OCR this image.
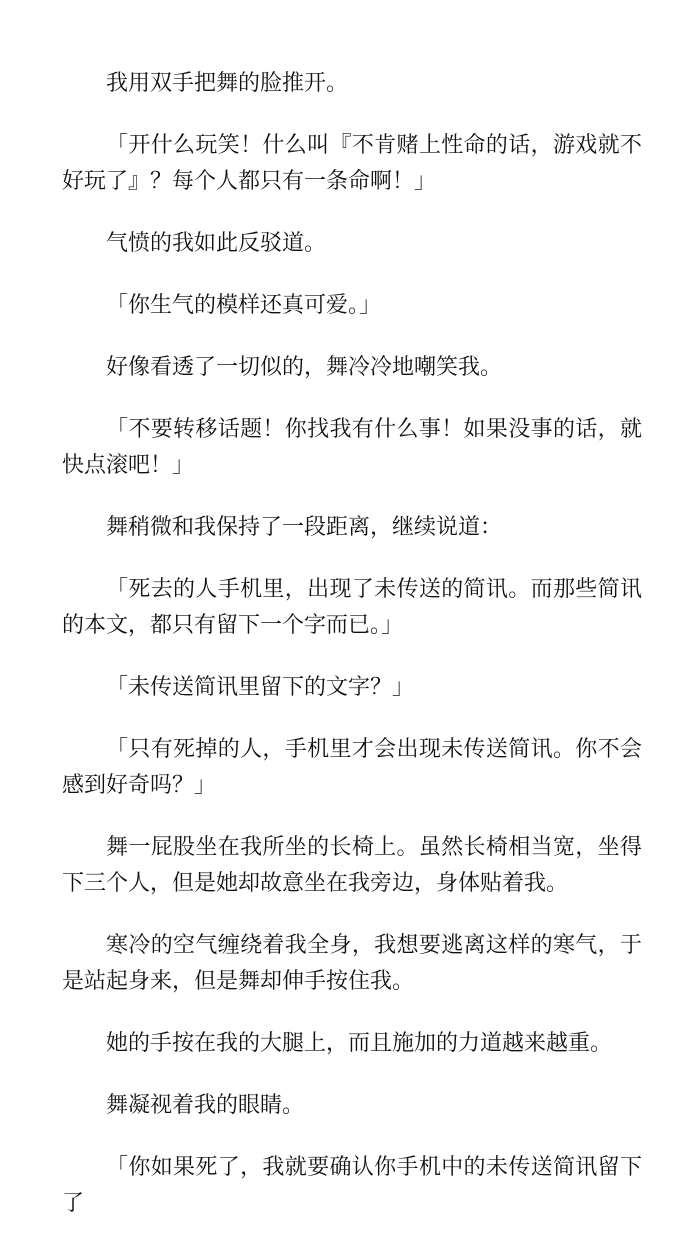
我用双手把舞的脸推开。

「开什么玩笑！什么叫『不肯赌上性命的话，游戏就不好玩了』？每个人都只有一条命啊！」

气愤的我如此反驳道。

「你生气的模样还真可爱。」

好像看透了一切似的，舞冷冷地嘲笑我。

「不要转移话题！你找我有什么事！如果没事的话，就快点滚吧！」

舞稍微和我保持了一段距离，继续说道：

「死去的人手机里，出现了未传送的简讯。而那些简讯的本文，都只有留下一个字而已。」

「未传送简讯里留下的文字？」

「只有死掉的人，手机里才会出现未传送简讯。你不会感到好奇吗？」

舞一屁股坐在我所坐的长椅上。虽然长椅相当宽，坐得下三个人，但是她却故意坐在我旁边，身体贴着我。

寒冷的空气缠绕着我全身，我想要逃离这样的寒气，于是站起身来，但是舞却伸手按住我。

她的手按在我的大腿上，而且施加的力道越来越重。

舞凝视着我的眼睛。

「你如果死了，我就要确认你手机中的未传送简讯留下了
